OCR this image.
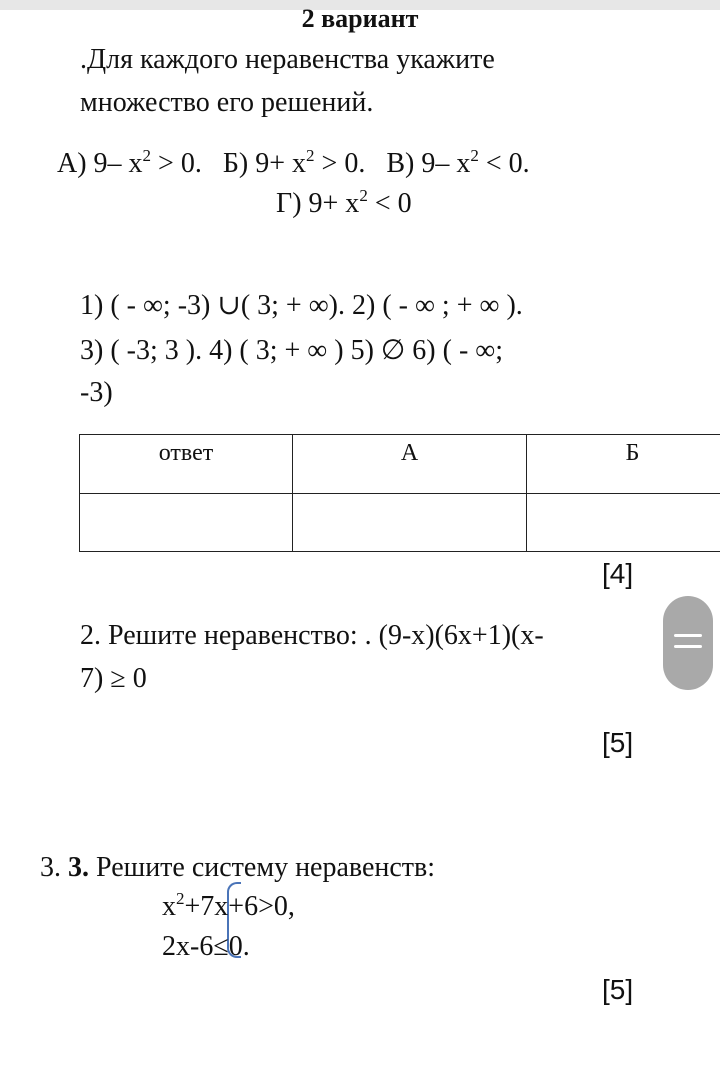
2 вариант
.Для каждого неравенства укажите
множество его решений.
А) 9– $x^2 > 0$. Б) $9+ x^2 > 0$. В) 9– $x^2 < 0$.
Г) $9+ x^2 < 0$
1) ( - ∞; -3) ∪( 3; + ∞). 2) ( - ∞ ; + ∞ ).
3) ( -3; 3 ). 4) ( 3; + ∞ ) 5) ∅ 6) ( - ∞;
-3)
ответ	А	Б

[4]
2. Решите неравенство: . (9-x)(6x+1)(x-
7) ≥ 0
[5]
3. 3. Решите систему неравенств:
$x^2+7x+6>0$,
2x-6≤0.
[5]
